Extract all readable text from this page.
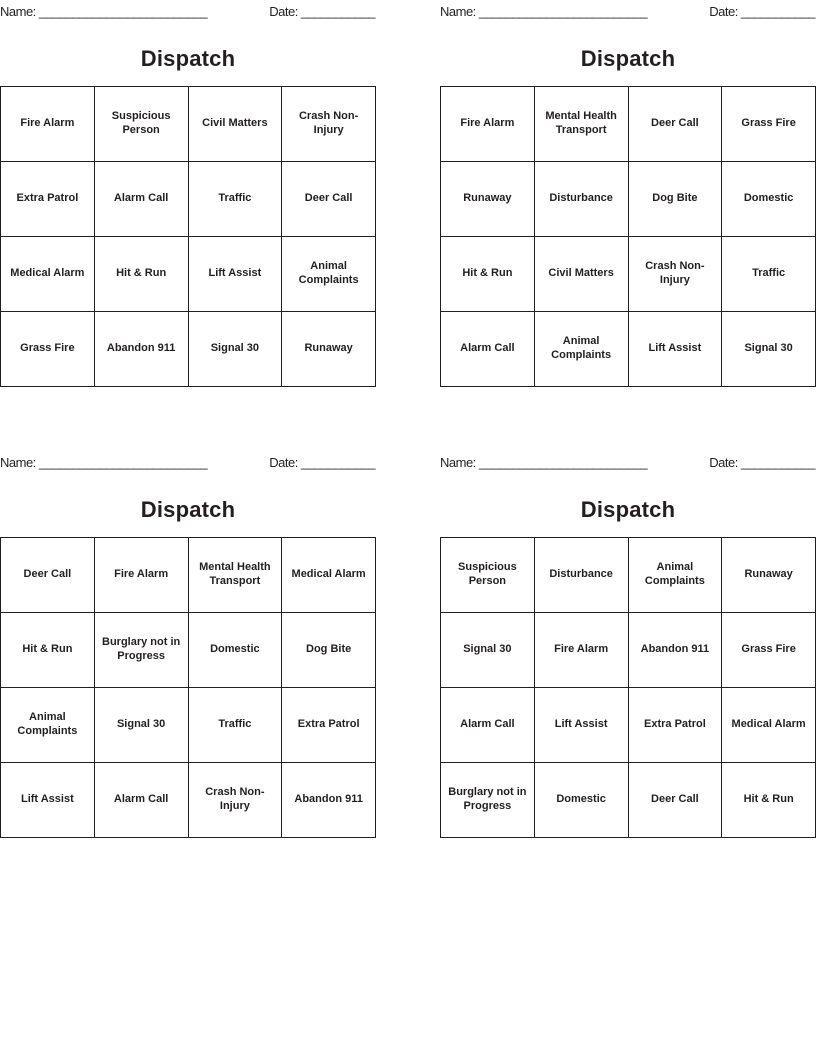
Name: _________________________	Date: ___________
Dispatch
Fire Alarm	Suspicious Person	Civil Matters	Crash Non-Injury
Extra Patrol	Alarm Call	Traffic	Deer Call
Medical Alarm	Hit & Run	Lift Assist	Animal Complaints
Grass Fire	Abandon 911	Signal 30	Runaway
Name: _________________________	Date: ___________
Dispatch
Fire Alarm	Mental Health Transport	Deer Call	Grass Fire
Runaway	Disturbance	Dog Bite	Domestic
Hit & Run	Civil Matters	Crash Non-Injury	Traffic
Alarm Call	Animal Complaints	Lift Assist	Signal 30
Name: _________________________	Date: ___________
Dispatch
Deer Call	Fire Alarm	Mental Health Transport	Medical Alarm
Hit & Run	Burglary not in Progress	Domestic	Dog Bite
Animal Complaints	Signal 30	Traffic	Extra Patrol
Lift Assist	Alarm Call	Crash Non-Injury	Abandon 911
Name: _________________________	Date: ___________
Dispatch
Suspicious Person	Disturbance	Animal Complaints	Runaway
Signal 30	Fire Alarm	Abandon 911	Grass Fire
Alarm Call	Lift Assist	Extra Patrol	Medical Alarm
Burglary not in Progress	Domestic	Deer Call	Hit & Run
